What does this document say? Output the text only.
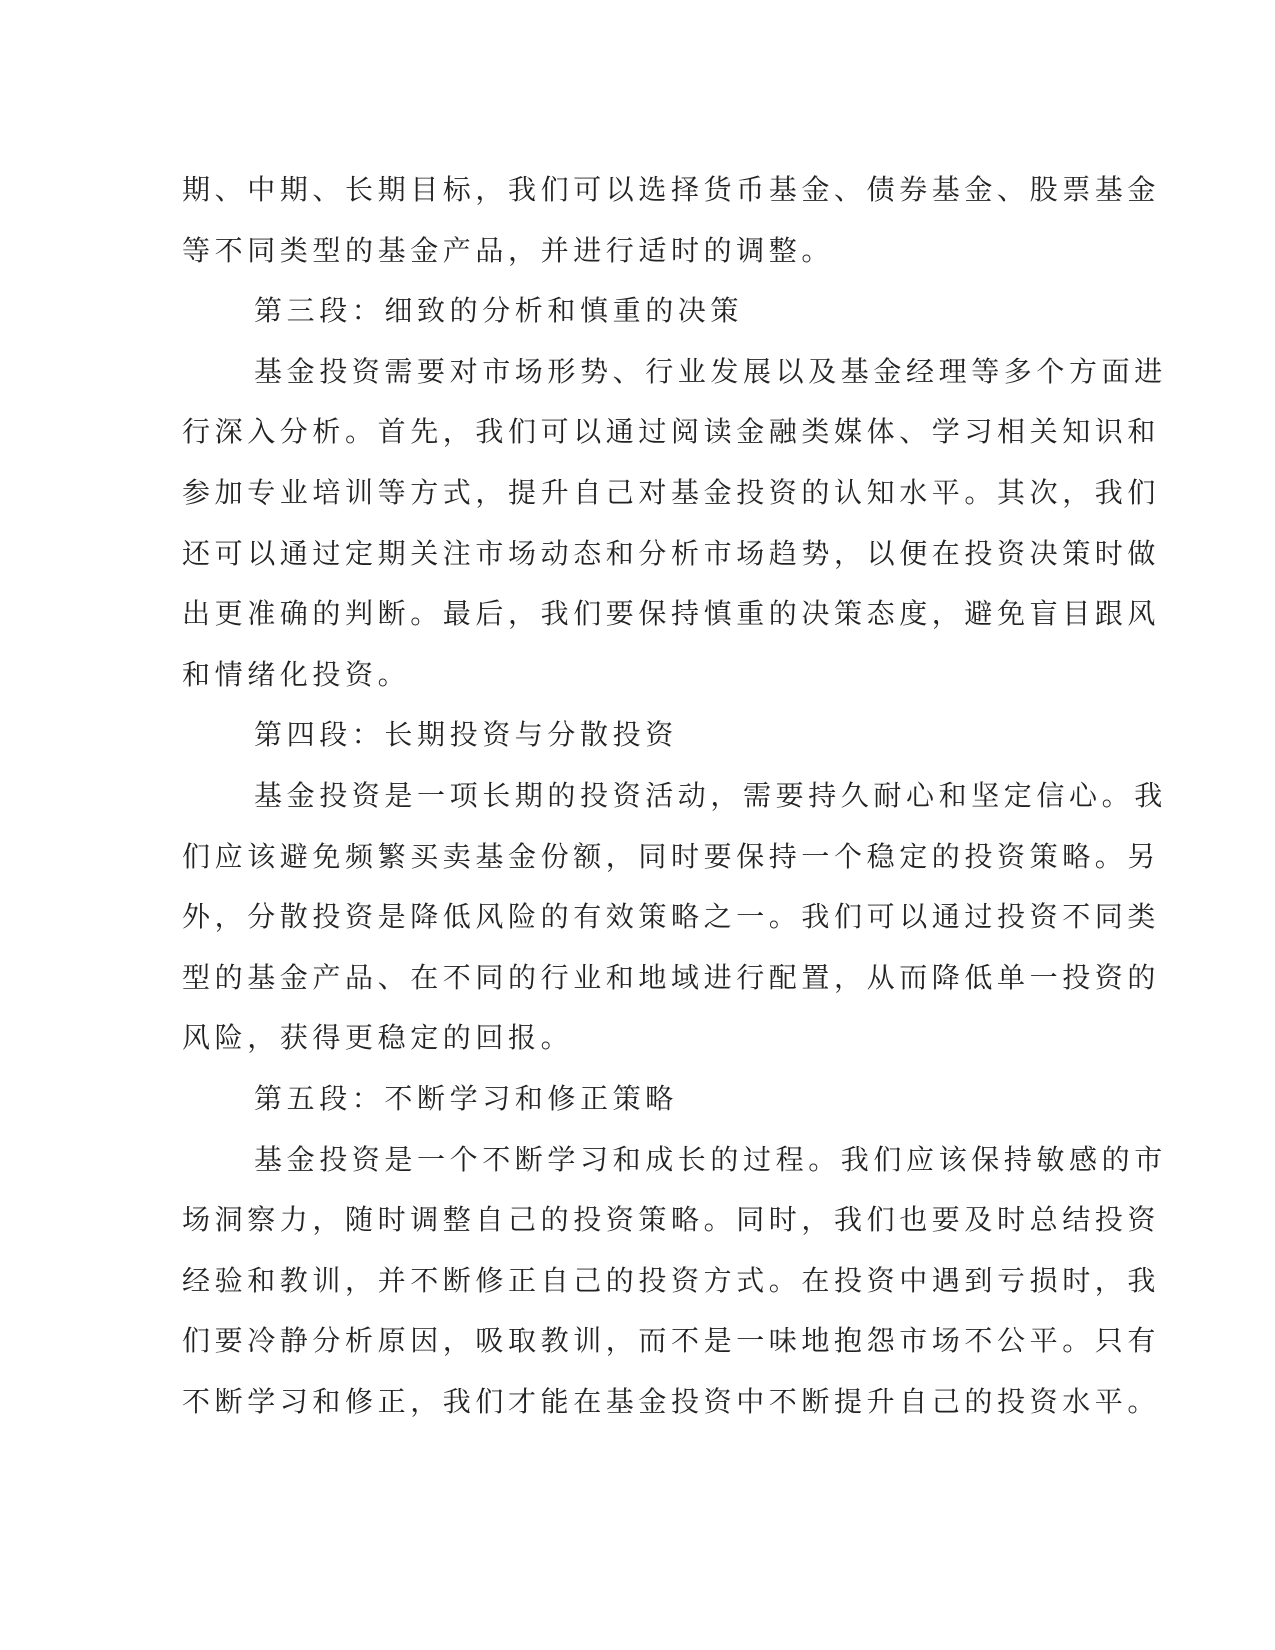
期、中期、长期目标，我们可以选择货币基金、债券基金、股票基金
等不同类型的基金产品，并进行适时的调整。
第三段：细致的分析和慎重的决策
基金投资需要对市场形势、行业发展以及基金经理等多个方面进
行深入分析。首先，我们可以通过阅读金融类媒体、学习相关知识和
参加专业培训等方式，提升自己对基金投资的认知水平。其次，我们
还可以通过定期关注市场动态和分析市场趋势，以便在投资决策时做
出更准确的判断。最后，我们要保持慎重的决策态度，避免盲目跟风
和情绪化投资。
第四段：长期投资与分散投资
基金投资是一项长期的投资活动，需要持久耐心和坚定信心。我
们应该避免频繁买卖基金份额，同时要保持一个稳定的投资策略。另
外，分散投资是降低风险的有效策略之一。我们可以通过投资不同类
型的基金产品、在不同的行业和地域进行配置，从而降低单一投资的
风险，获得更稳定的回报。
第五段：不断学习和修正策略
基金投资是一个不断学习和成长的过程。我们应该保持敏感的市
场洞察力，随时调整自己的投资策略。同时，我们也要及时总结投资
经验和教训，并不断修正自己的投资方式。在投资中遇到亏损时，我
们要冷静分析原因，吸取教训，而不是一味地抱怨市场不公平。只有
不断学习和修正，我们才能在基金投资中不断提升自己的投资水平。
